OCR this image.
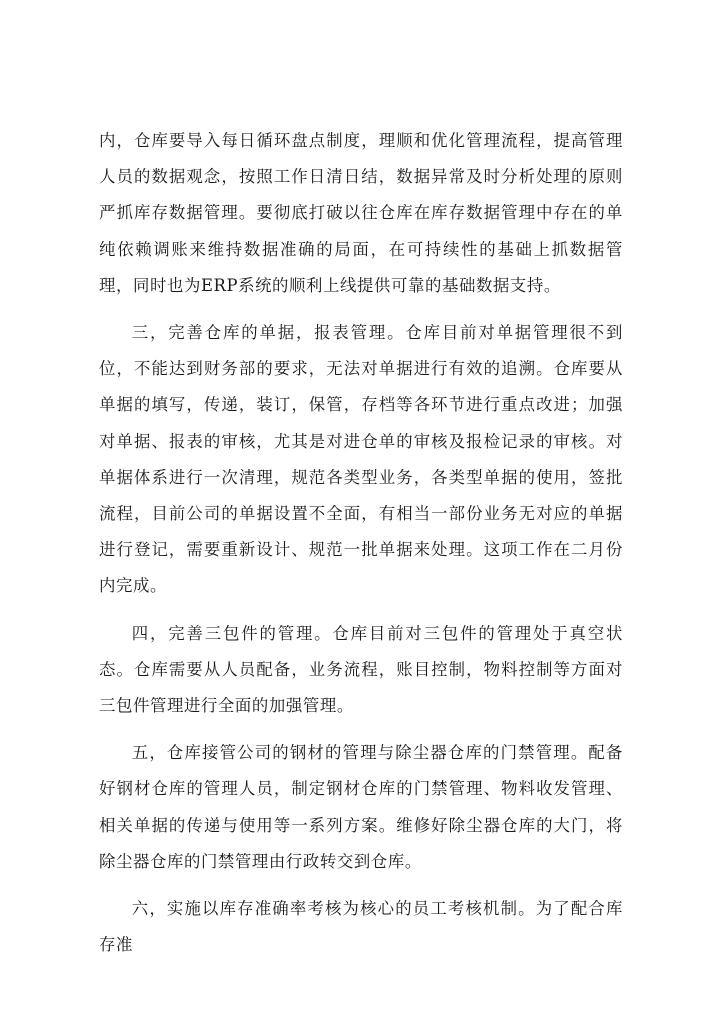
内，仓库要导入每日循环盘点制度，理顺和优化管理流程，提高管理人员的数据观念，按照工作日清日结，数据异常及时分析处理的原则严抓库存数据管理。要彻底打破以往仓库在库存数据管理中存在的单纯依赖调账来维持数据准确的局面，在可持续性的基础上抓数据管理，同时也为ERP系统的顺利上线提供可靠的基础数据支持。

三，完善仓库的单据，报表管理。仓库目前对单据管理很不到位，不能达到财务部的要求，无法对单据进行有效的追溯。仓库要从单据的填写，传递，装订，保管，存档等各环节进行重点改进；加强对单据、报表的审核，尤其是对进仓单的审核及报检记录的审核。对单据体系进行一次清理，规范各类型业务，各类型单据的使用，签批流程，目前公司的单据设置不全面，有相当一部份业务无对应的单据进行登记，需要重新设计、规范一批单据来处理。这项工作在二月份内完成。

四，完善三包件的管理。仓库目前对三包件的管理处于真空状态。仓库需要从人员配备，业务流程，账目控制，物料控制等方面对三包件管理进行全面的加强管理。

五，仓库接管公司的钢材的管理与除尘器仓库的门禁管理。配备好钢材仓库的管理人员，制定钢材仓库的门禁管理、物料收发管理、相关单据的传递与使用等一系列方案。维修好除尘器仓库的大门，将除尘器仓库的门禁管理由行政转交到仓库。

六，实施以库存准确率考核为核心的员工考核机制。为了配合库存准
